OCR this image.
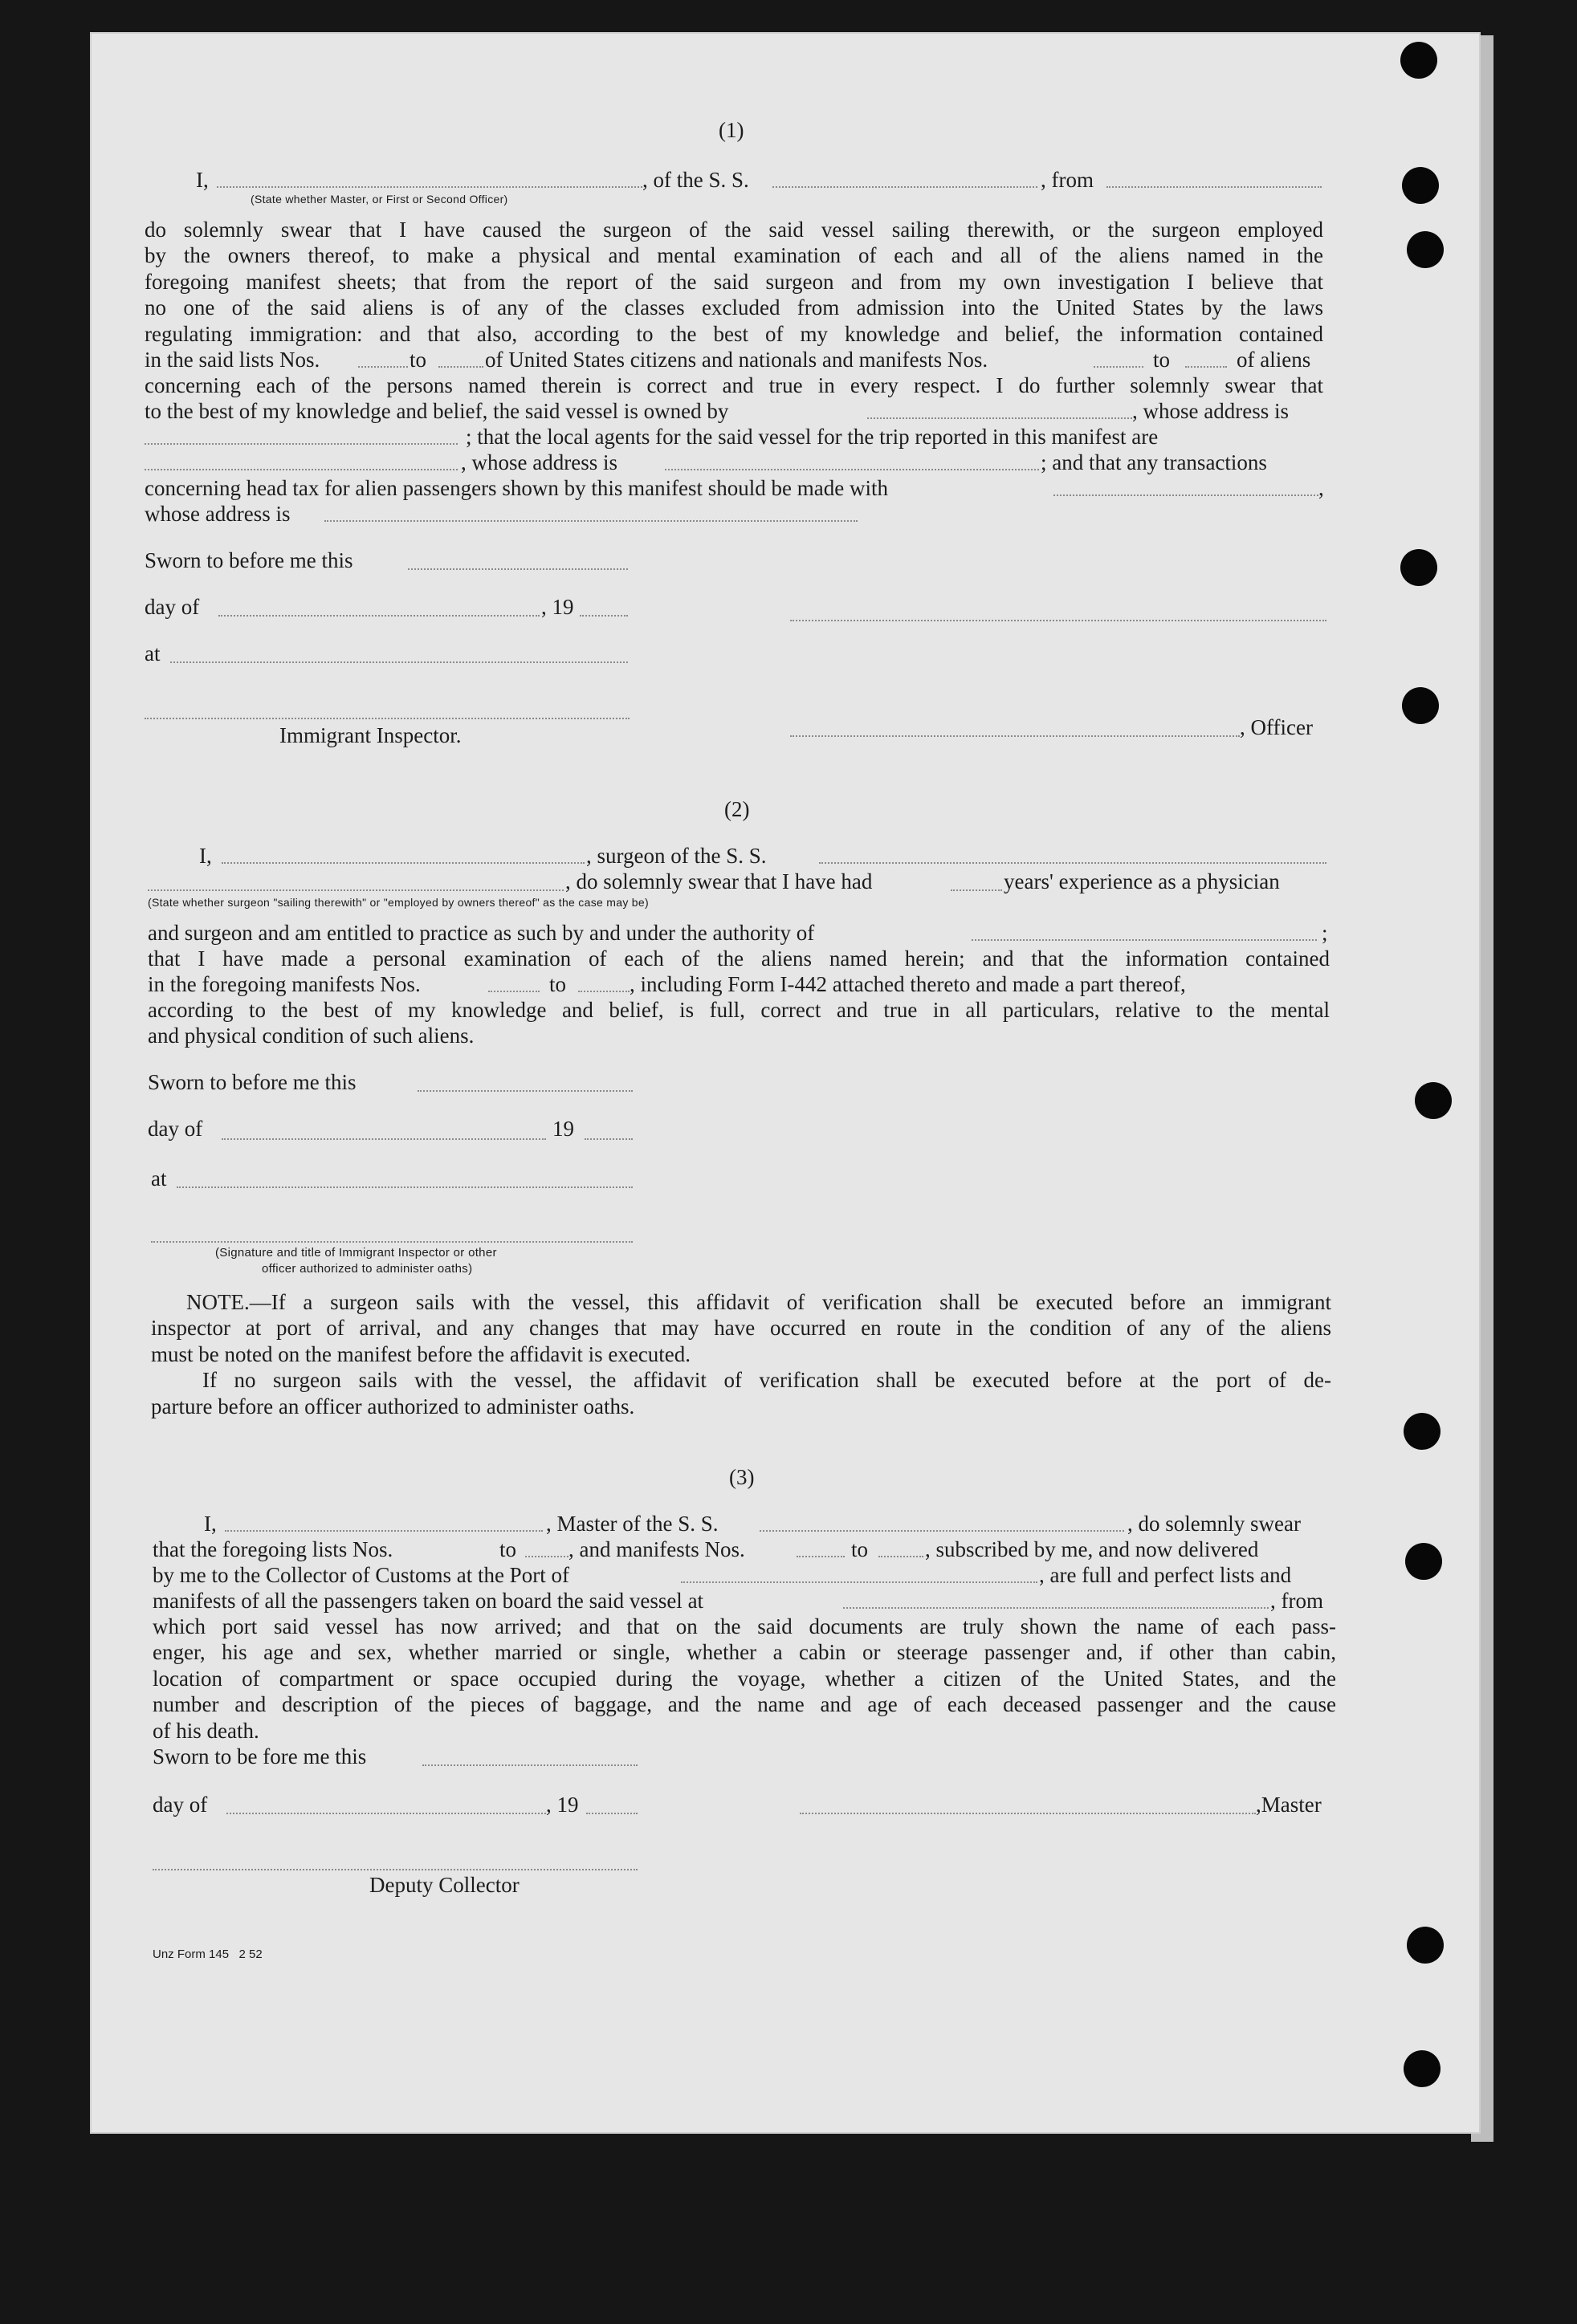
(1)
I,	, of the S. S.	, from
(State whether Master, or First or Second Officer)
do solemnly swear that I have caused the surgeon of the said vessel sailing therewith, or the surgeon employed
by the owners thereof, to make a physical and mental examination of each and all of the aliens named in the
foregoing manifest sheets; that from the report of the said surgeon and from my own investigation I believe that
no one of the said aliens is of any of the classes excluded from admission into the United States by the laws
regulating immigration: and that also, according to the best of my knowledge and belief, the information contained
in the said lists Nos.	to	of United States citizens and nationals and manifests Nos.	to	of aliens
concerning each of the persons named therein is correct and true in every respect. I do further solemnly swear that
to the best of my knowledge and belief, the said vessel is owned by	, whose address is
; that the local agents for the said vessel for the trip reported in this manifest are
, whose address is	; and that any transactions
concerning head tax for alien passengers shown by this manifest should be made with	,
whose address is
Sworn to before me this
day of	, 19
at
Immigrant Inspector.	, Officer
(2)
I,	, surgeon of the S. S.
, do solemnly swear that I have had	years' experience as a physician
(State whether surgeon "sailing therewith" or "employed by owners thereof" as the case may be)
and surgeon and am entitled to practice as such by and under the authority of	;
that I have made a personal examination of each of the aliens named herein; and that the information contained
in the foregoing manifests Nos.	to	, including Form I-442 attached thereto and made a part thereof,
according to the best of my knowledge and belief, is full, correct and true in all particulars, relative to the mental
and physical condition of such aliens.
Sworn to before me this
day of	19
at
(Signature and title of Immigrant Inspector or other
officer authorized to administer oaths)
NOTE.—If a surgeon sails with the vessel, this affidavit of verification shall be executed before an immigrant
inspector at port of arrival, and any changes that may have occurred en route in the condition of any of the aliens
must be noted on the manifest before the affidavit is executed.
If no surgeon sails with the vessel, the affidavit of verification shall be executed before at the port of de-
parture before an officer authorized to administer oaths.
(3)
I,	, Master of the S. S.	, do solemnly swear
that the foregoing lists Nos.	to , and manifests Nos.	to	, subscribed by me, and now delivered
by me to the Collector of Customs at the Port of	, are full and perfect lists and
manifests of all the passengers taken on board the said vessel at	, from
which port said vessel has now arrived; and that on the said documents are truly shown the name of each pass-
enger, his age and sex, whether married or single, whether a cabin or steerage passenger and, if other than cabin,
location of compartment or space occupied during the voyage, whether a citizen of the United States, and the
number and description of the pieces of baggage, and the name and age of each deceased passenger and the cause
of his death.
Sworn to be fore me this
day of	, 19	,Master
Deputy Collector
Unz Form 145   2 52
